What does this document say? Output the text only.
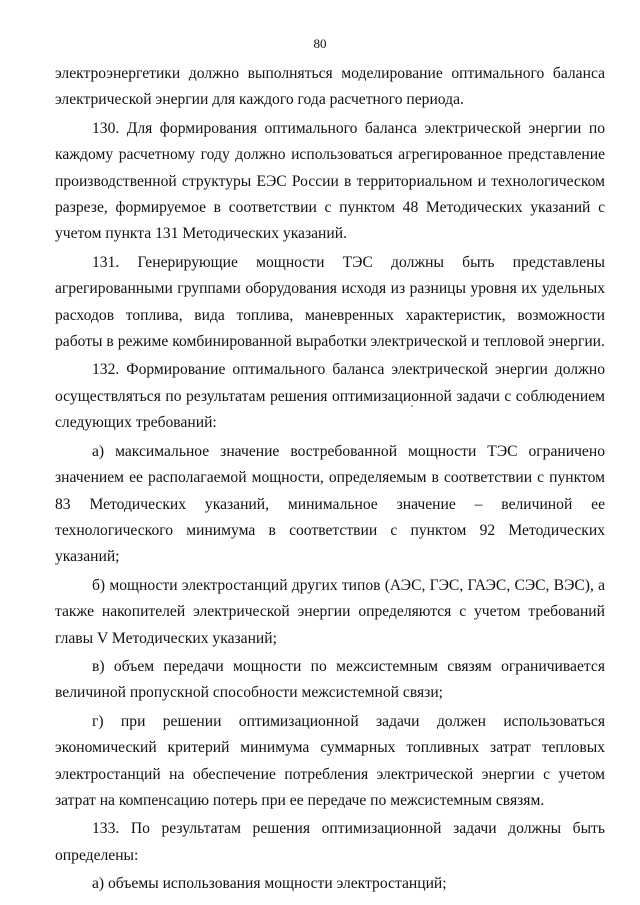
80

электроэнергетики должно выполняться моделирование оптимального баланса электрической энергии для каждого года расчетного периода.

130. Для формирования оптимального баланса электрической энергии по каждому расчетному году должно использоваться агрегированное представление производственной структуры ЕЭС России в территориальном и технологическом разрезе, формируемое в соответствии с пунктом 48 Методических указаний с учетом пункта 131 Методических указаний.

131. Генерирующие мощности ТЭС должны быть представлены агрегированными группами оборудования исходя из разницы уровня их удельных расходов топлива, вида топлива, маневренных характеристик, возможности работы в режиме комбинированной выработки электрической и тепловой энергии.

132. Формирование оптимального баланса электрической энергии должно осуществляться по результатам решения оптимизационной задачи с соблюдением следующих требований:

а) максимальное значение востребованной мощности ТЭС ограничено значением ее располагаемой мощности, определяемым в соответствии с пунктом 83 Методических указаний, минимальное значение – величиной ее технологического минимума в соответствии с пунктом 92 Методических указаний;

б) мощности электростанций других типов (АЭС, ГЭС, ГАЭС, СЭС, ВЭС), а также накопителей электрической энергии определяются с учетом требований главы V Методических указаний;

в) объем передачи мощности по межсистемным связям ограничивается величиной пропускной способности межсистемной связи;

г) при решении оптимизационной задачи должен использоваться экономический критерий минимума суммарных топливных затрат тепловых электростанций на обеспечение потребления электрической энергии с учетом затрат на компенсацию потерь при ее передаче по межсистемным связям.

133. По результатам решения оптимизационной задачи должны быть определены:

а) объемы использования мощности электростанций;
